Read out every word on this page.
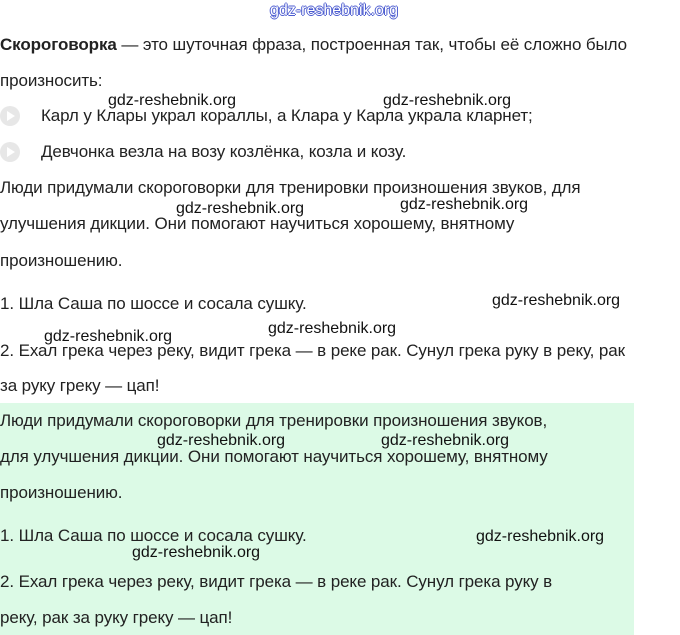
gdz-reshebnik.org
Скороговорка — это шуточная фраза, построенная так, чтобы её сложно было
произносить:
Карл у Клары украл кораллы, а Клара у Карла украла кларнет;
Девчонка везла на возу козлёнка, козла и козу.
Люди придумали скороговорки для тренировки произношения звуков, для
улучшения дикции. Они помогают научиться хорошему, внятному
произношению.
1. Шла Саша по шоссе и сосала сушку.
2. Ехал грека через реку, видит грека — в реке рак. Сунул грека руку в реку, рак
за руку греку — цап!
Люди придумали скороговорки для тренировки произношения звуков,
для улучшения дикции. Они помогают научиться хорошему, внятному
произношению.
1. Шла Саша по шоссе и сосала сушку.
2. Ехал грека через реку, видит грека — в реке рак. Сунул грека руку в
реку, рак за руку греку — цап!
gdz-reshebnik.org	gdz-reshebnik.org
gdz-reshebnik.org	gdz-reshebnik.org
gdz-reshebnik.org
gdz-reshebnik.org	gdz-reshebnik.org
gdz-reshebnik.org	gdz-reshebnik.org
gdz-reshebnik.org
gdz-reshebnik.org
